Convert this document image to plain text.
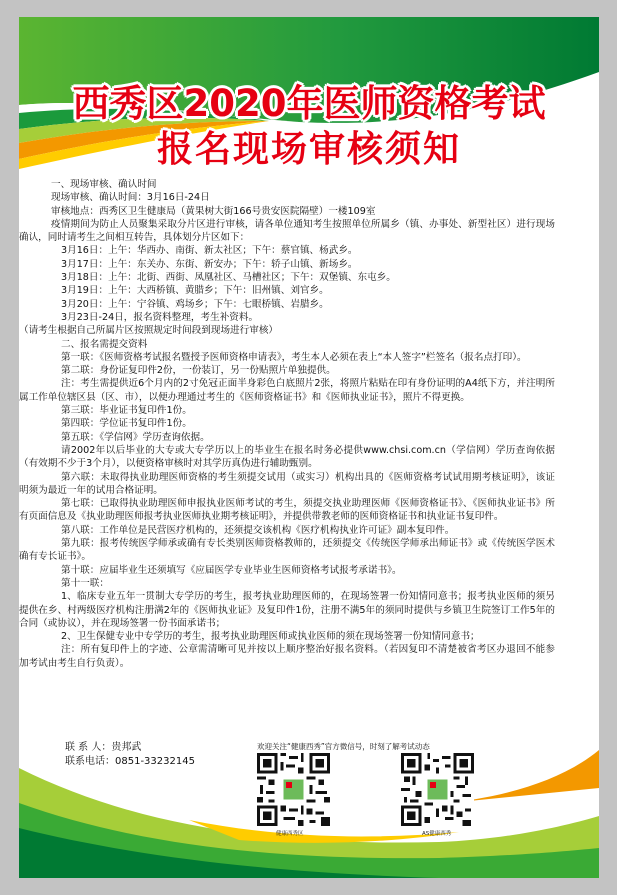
西秀区2020年医师资格考试
报名现场审核须知
一、现场审核、确认时间
现场审核、确认时间：3月16日-24日
审核地点：西秀区卫生健康局（黄果树大街166号贵安医院隔壁）一楼109室
疫情期间为防止人员聚集采取分片区进行审核，请各单位通知考生按照单位所属乡（镇、办事处、新型社区）进行现场确认，同时请考生之间相互转告，具体划分片区如下：
3月16日：上午：华西办、南街、新太社区；下午：蔡官镇、杨武乡。
3月17日：上午：东关办、东街、新安办；下午：轿子山镇、新场乡。
3月18日：上午：北街、西街、凤凰社区、马槽社区；下午：双堡镇、东屯乡。
3月19日：上午：大西桥镇、黄腊乡；下午：旧州镇、刘官乡。
3月20日：上午：宁谷镇、鸡场乡；下午：七眼桥镇、岩腊乡。
3月23日-24日，报名资料整理，考生补资料。
（请考生根据自己所属片区按照规定时间段到现场进行审核）
二、报名需提交资料
第一联：《医师资格考试报名暨授予医师资格申请表》，考生本人必须在表上“本人签字”栏签名（报名点打印）。
第二联：身份证复印件2份，一份装订，另一份贴照片单独提供。
注：考生需提供近6个月内的2寸免冠正面半身彩色白底照片2张，将照片粘贴在印有身份证明的A4纸下方，并注明所属工作单位辖区县（区、市），以便办理通过考生的《医师资格证书》和《医师执业证书》，照片不得更换。
第三联：毕业证书复印件1份。
第四联：学位证书复印件1份。
第五联：《学信网》学历查询依据。
请2002年以后毕业的大专或大专学历以上的毕业生在报名时务必提供www.chsi.com.cn（学信网）学历查询依据（有效期不少于3个月），以便资格审核时对其学历真伪进行辅助甄别。
第六联：未取得执业助理医师资格的考生须提交试用（或实习）机构出具的《医师资格考试试用期考核证明》，该证明须为最近一年的试用合格证明。
第七联：已取得执业助理医师申报执业医师考试的考生，须提交执业助理医师《医师资格证书》、《医师执业证书》所有页面信息及《执业助理医师报考执业医师执业期考核证明》，并提供带教老师的医师资格证书和执业证书复印件。
第八联：工作单位是民营医疗机构的，还须提交该机构《医疗机构执业许可证》副本复印件。
第九联：报考传统医学师承或确有专长类别医师资格教师的，还须提交《传统医学师承出师证书》或《传统医学医术确有专长证书》。
第十联：应届毕业生还须填写《应届医学专业毕业生医师资格考试报考承诺书》。
第十一联：
1、临床专业五年一贯制大专学历的考生，报考执业助理医师的，在现场签署一份知情同意书；报考执业医师的须另提供在乡、村两级医疗机构注册满2年的《医师执业证》及复印件1份，注册不满5年的须同时提供与乡镇卫生院签订工作5年的合同（或协议），并在现场签署一份书面承诺书；
2、卫生保健专业中专学历的考生，报考执业助理医师或执业医师的须在现场签署一份知情同意书；
注：所有复印件上的字迹、公章需清晰可见并按以上顺序整治好报名资料。（若因复印不清楚被省考区办退回不能参加考试由考生自行负责）。
联 系 人：贵邦武
联系电话：0851-33232145
欢迎关注“健康西秀”官方微信号，时刻了解考试动态
健康西秀区	AS健康西秀
